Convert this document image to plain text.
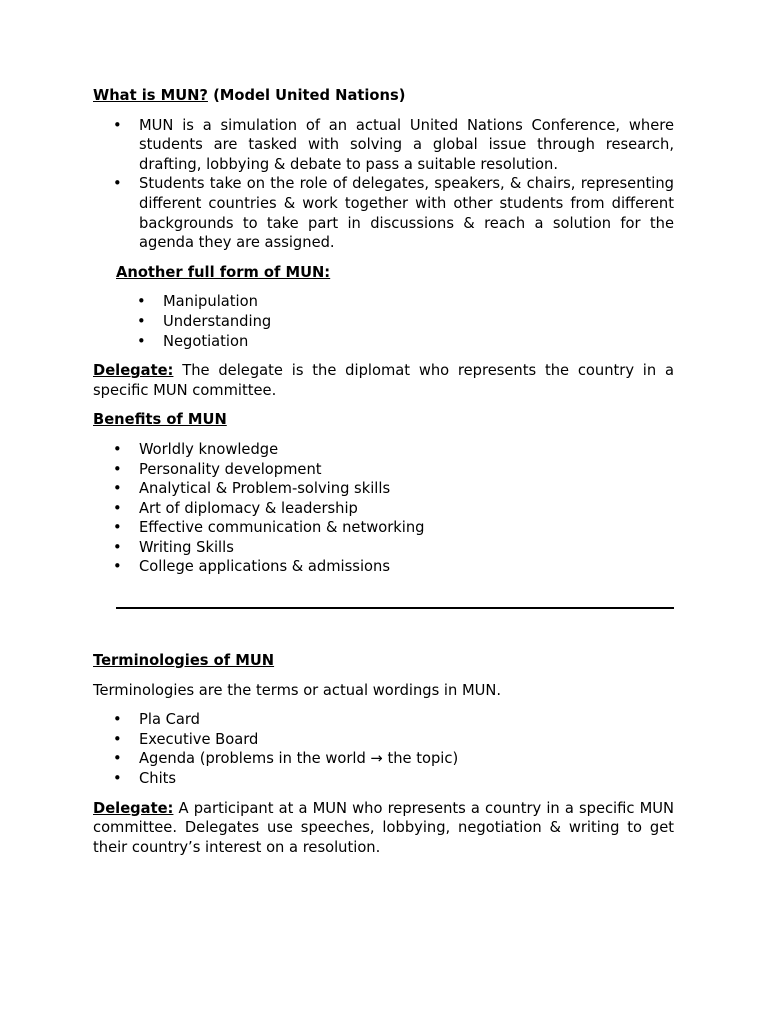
What is MUN? (Model United Nations)

• MUN is a simulation of an actual United Nations Conference, where students are tasked with solving a global issue through research, drafting, lobbying & debate to pass a suitable resolution.
• Students take on the role of delegates, speakers, & chairs, representing different countries & work together with other students from different backgrounds to take part in discussions & reach a solution for the agenda they are assigned.

Another full form of MUN:

• Manipulation
• Understanding
• Negotiation

Delegate: The delegate is the diplomat who represents the country in a specific MUN committee.

Benefits of MUN

• Worldly knowledge
• Personality development
• Analytical & Problem-solving skills
• Art of diplomacy & leadership
• Effective communication & networking
• Writing Skills
• College applications & admissions

Terminologies of MUN

Terminologies are the terms or actual wordings in MUN.

• Pla Card
• Executive Board
• Agenda (problems in the world → the topic)
• Chits

Delegate: A participant at a MUN who represents a country in a specific MUN committee. Delegates use speeches, lobbying, negotiation & writing to get their country’s interest on a resolution.
